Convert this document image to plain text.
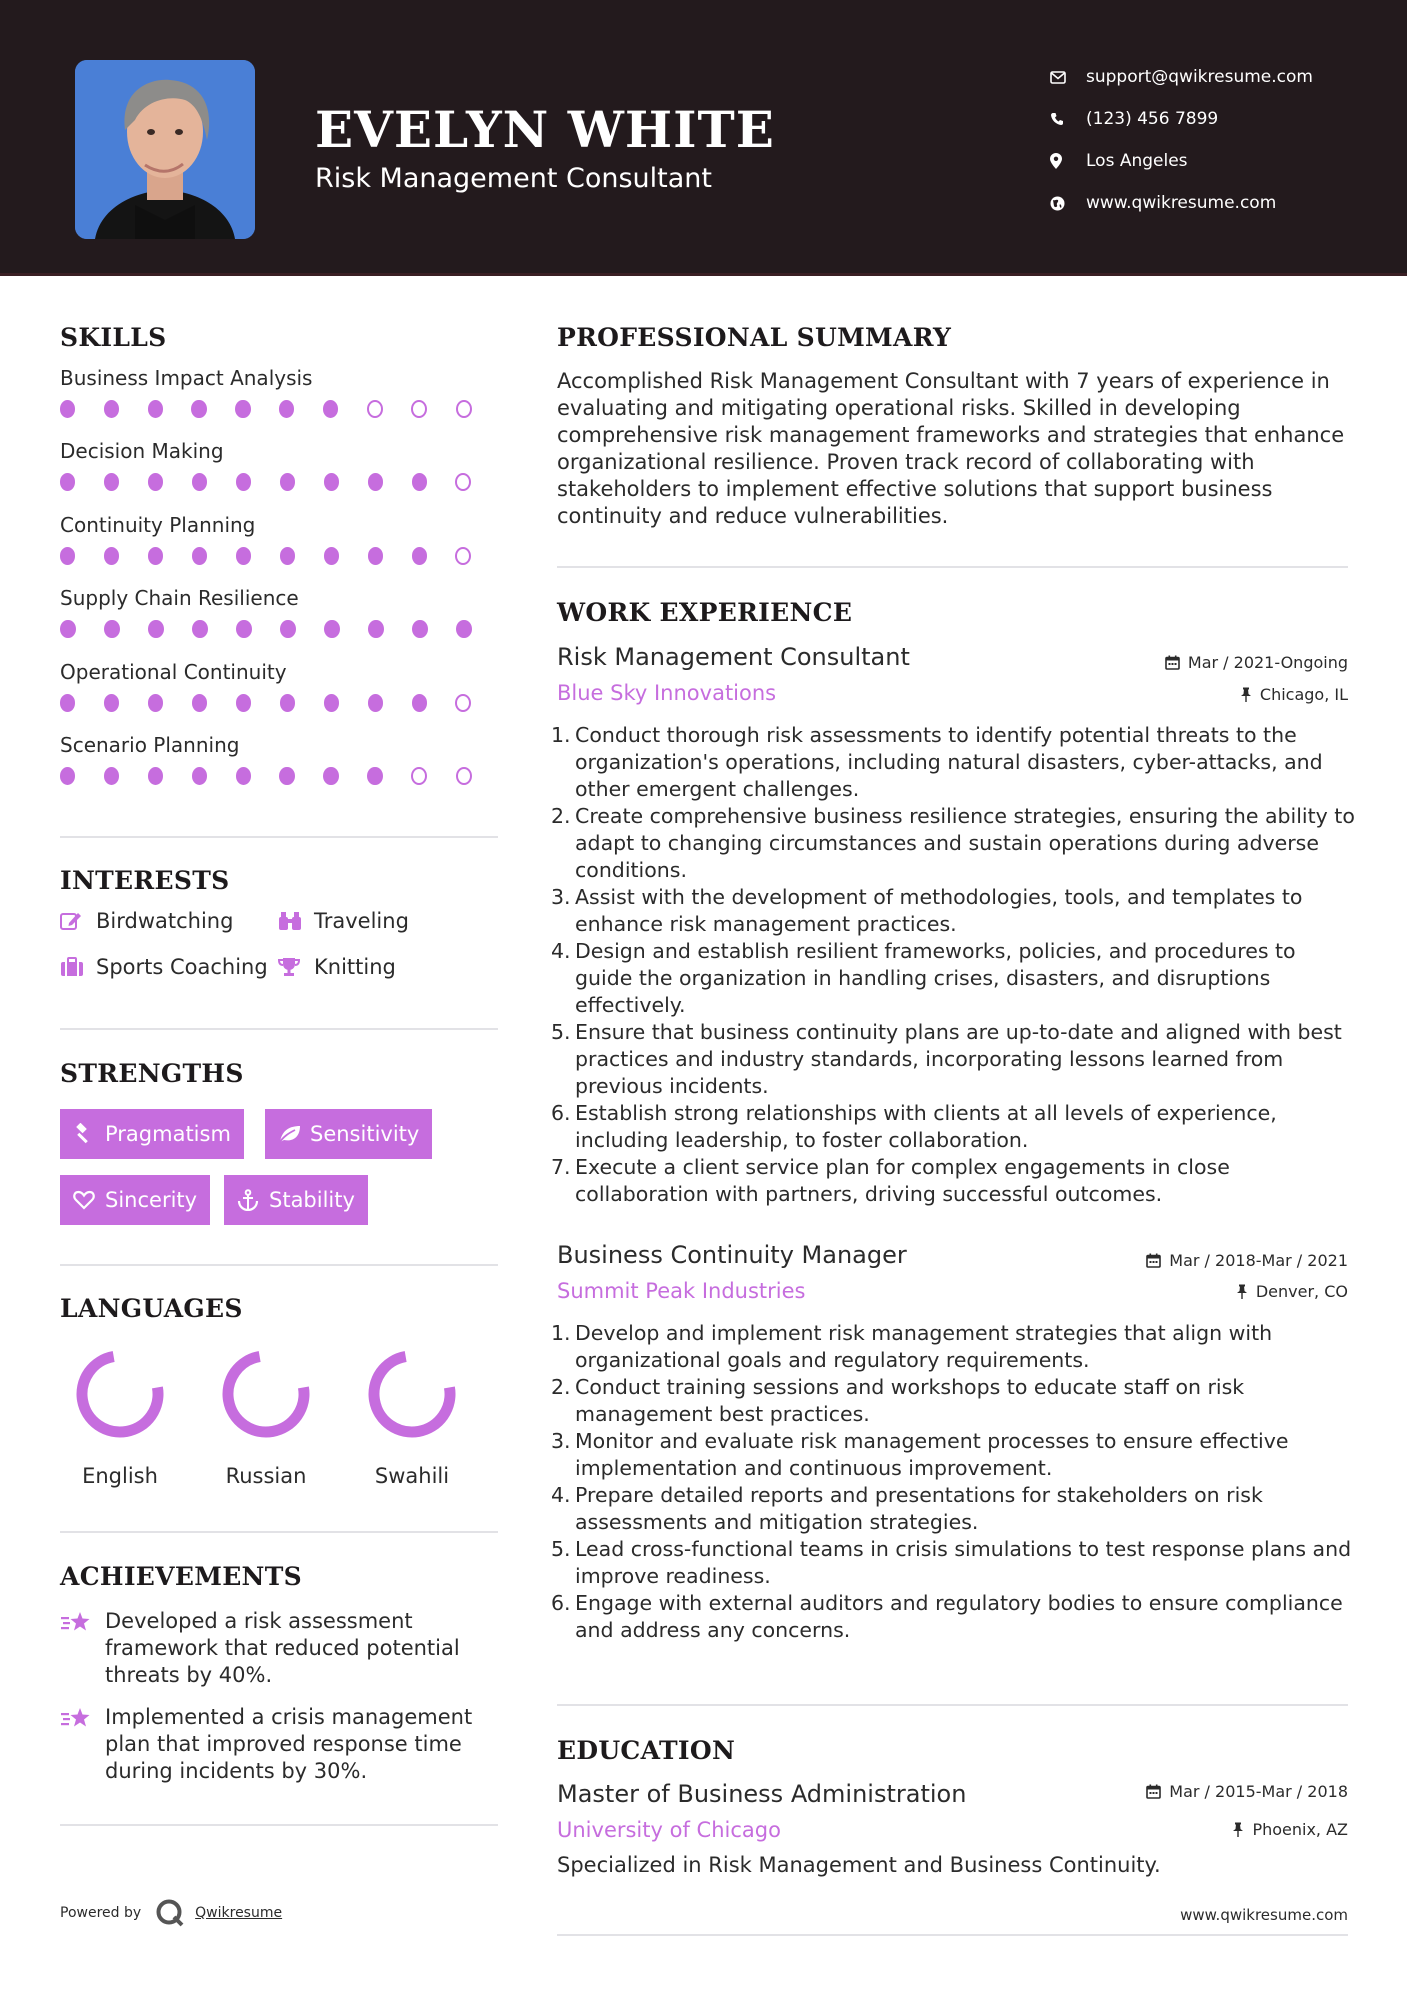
EVELYN WHITE
Risk Management Consultant
support@qwikresume.com
(123) 456 7899
Los Angeles
www.qwikresume.com
SKILLS
Business Impact Analysis
Decision Making
Continuity Planning
Supply Chain Resilience
Operational Continuity
Scenario Planning
INTERESTS
Birdwatching	Traveling
Sports Coaching Knitting
STRENGTHS
Pragmatism	Sensitivity
Sincerity	Stability
LANGUAGES
English	Russian	Swahili
ACHIEVEMENTS
Developed a risk assessment framework that reduced potential threats by 40%.
Implemented a crisis management plan that improved response time during incidents by 30%.
Powered by	Qwikresume
PROFESSIONAL SUMMARY
Accomplished Risk Management Consultant with 7 years of experience in evaluating and mitigating operational risks. Skilled in developing comprehensive risk management frameworks and strategies that enhance organizational resilience. Proven track record of collaborating with stakeholders to implement effective solutions that support business continuity and reduce vulnerabilities.
WORK EXPERIENCE
Risk Management Consultant	Mar / 2021-Ongoing
Blue Sky Innovations	Chicago, IL
1. Conduct thorough risk assessments to identify potential threats to the organization's operations, including natural disasters, cyber-attacks, and other emergent challenges.
2. Create comprehensive business resilience strategies, ensuring the ability to adapt to changing circumstances and sustain operations during adverse conditions.
3. Assist with the development of methodologies, tools, and templates to enhance risk management practices.
4. Design and establish resilient frameworks, policies, and procedures to guide the organization in handling crises, disasters, and disruptions effectively.
5. Ensure that business continuity plans are up-to-date and aligned with best practices and industry standards, incorporating lessons learned from previous incidents.
6. Establish strong relationships with clients at all levels of experience, including leadership, to foster collaboration.
7. Execute a client service plan for complex engagements in close collaboration with partners, driving successful outcomes.
Business Continuity Manager	Mar / 2018-Mar / 2021
Summit Peak Industries	Denver, CO
1. Develop and implement risk management strategies that align with organizational goals and regulatory requirements.
2. Conduct training sessions and workshops to educate staff on risk management best practices.
3. Monitor and evaluate risk management processes to ensure effective implementation and continuous improvement.
4. Prepare detailed reports and presentations for stakeholders on risk assessments and mitigation strategies.
5. Lead cross-functional teams in crisis simulations to test response plans and improve readiness.
6. Engage with external auditors and regulatory bodies to ensure compliance and address any concerns.
EDUCATION
Master of Business Administration	Mar / 2015-Mar / 2018
University of Chicago	Phoenix, AZ
Specialized in Risk Management and Business Continuity.
www.qwikresume.com
